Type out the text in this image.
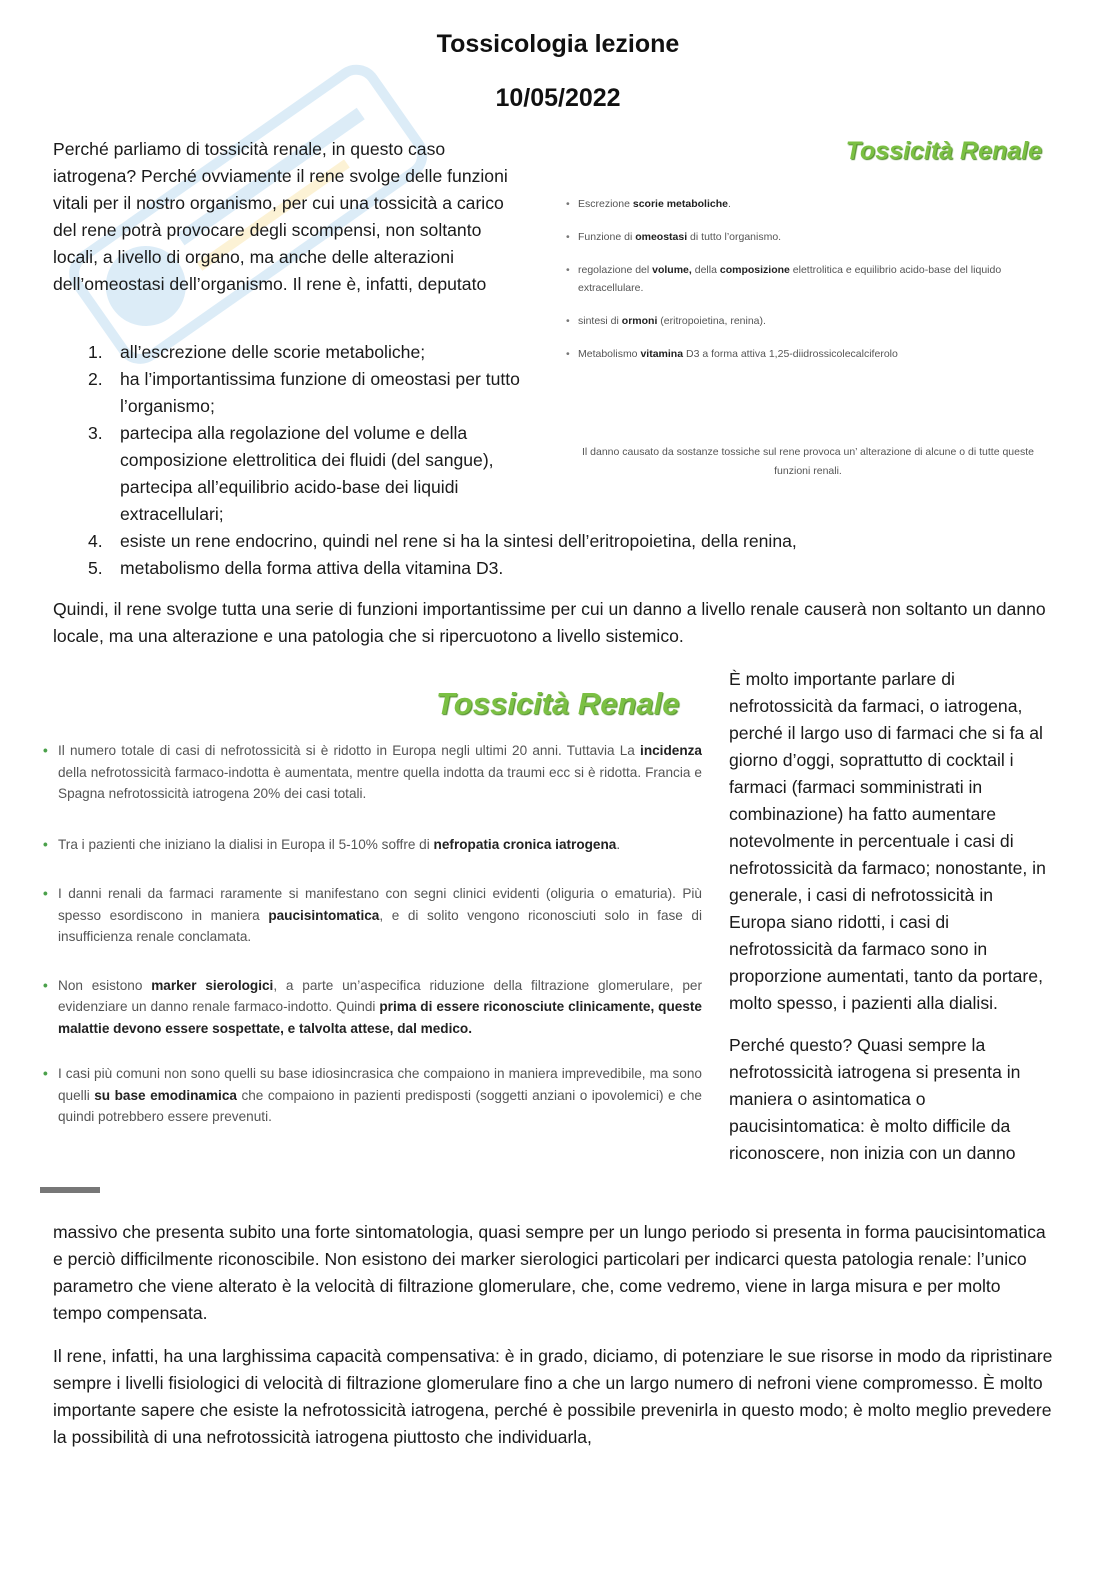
Tossicologia lezione
10/05/2022
Perché parliamo di tossicità renale, in questo caso iatrogena? Perché ovviamente il rene svolge delle funzioni vitali per il nostro organismo, per cui una tossicità a carico del rene potrà provocare degli scompensi, non soltanto locali, a livello di organo, ma anche delle alterazioni dell’omeostasi dell’organismo. Il rene è, infatti, deputato
1. all’escrezione delle scorie metaboliche;
2. ha l’importantissima funzione di omeostasi per tutto l’organismo;
3. partecipa alla regolazione del volume e della composizione elettrolitica dei fluidi (del sangue), partecipa all’equilibrio acido-base dei liquidi extracellulari;
4. esiste un rene endocrino, quindi nel rene si ha la sintesi dell’eritropoietina, della renina,
5. metabolismo della forma attiva della vitamina D3.
Tossicità Renale
• Escrezione scorie metaboliche.
• Funzione di omeostasi di tutto l’organismo.
• regolazione del volume, della composizione elettrolitica e equilibrio acido-base del liquido extracellulare.
• sintesi di ormoni (eritropoietina, renina).
• Metabolismo vitamina D3 a forma attiva 1,25-diidrossicolecalciferolo
Il danno causato da sostanze tossiche sul rene provoca un’ alterazione di alcune o di tutte queste funzioni renali.
Quindi, il rene svolge tutta una serie di funzioni importantissime per cui un danno a livello renale causerà non soltanto un danno locale, ma una alterazione e una patologia che si ripercuotono a livello sistemico.
Tossicità Renale
• Il numero totale di casi di nefrotossicità si è ridotto in Europa negli ultimi 20 anni. Tuttavia La incidenza della nefrotossicità farmaco-indotta è aumentata, mentre quella indotta da traumi ecc si è ridotta. Francia e Spagna nefrotossicità iatrogena 20% dei casi totali.
• Tra i pazienti che iniziano la dialisi in Europa il 5-10% soffre di nefropatia cronica iatrogena.
• I danni renali da farmaci raramente si manifestano con segni clinici evidenti (oliguria o ematuria). Più spesso esordiscono in maniera paucisintomatica, e di solito vengono riconosciuti solo in fase di insufficienza renale conclamata.
• Non esistono marker sierologici, a parte un’aspecifica riduzione della filtrazione glomerulare, per evidenziare un danno renale farmaco-indotto. Quindi prima di essere riconosciute clinicamente, queste malattie devono essere sospettate, e talvolta attese, dal medico.
• I casi più comuni non sono quelli su base idiosincrasica che compaiono in maniera imprevedibile, ma sono quelli su base emodinamica che compaiono in pazienti predisposti (soggetti anziani o ipovolemici) e che quindi potrebbero essere prevenuti.

È molto importante parlare di nefrotossicità da farmaci, o iatrogena, perché il largo uso di farmaci che si fa al giorno d’oggi, soprattutto di cocktail i farmaci (farmaci somministrati in combinazione) ha fatto aumentare notevolmente in percentuale i casi di nefrotossicità da farmaco; nonostante, in generale, i casi di nefrotossicità in Europa siano ridotti, i casi di nefrotossicità da farmaco sono in proporzione aumentati, tanto da portare, molto spesso, i pazienti alla dialisi.

Perché questo? Quasi sempre la nefrotossicità iatrogena si presenta in maniera o asintomatica o paucisintomatica: è molto difficile da riconoscere, non inizia con un danno

massivo che presenta subito una forte sintomatologia, quasi sempre per un lungo periodo si presenta in forma paucisintomatica e perciò difficilmente riconoscibile. Non esistono dei marker sierologici particolari per indicarci questa patologia renale: l’unico parametro che viene alterato è la velocità di filtrazione glomerulare, che, come vedremo, viene in larga misura e per molto tempo compensata.
Il rene, infatti, ha una larghissima capacità compensativa: è in grado, diciamo, di potenziare le sue risorse in modo da ripristinare sempre i livelli fisiologici di velocità di filtrazione glomerulare fino a che un largo numero di nefroni viene compromesso. È molto importante sapere che esiste la nefrotossicità iatrogena, perché è possibile prevenirla in questo modo; è molto meglio prevedere la possibilità di una nefrotossicità iatrogena piuttosto che individuarla,
